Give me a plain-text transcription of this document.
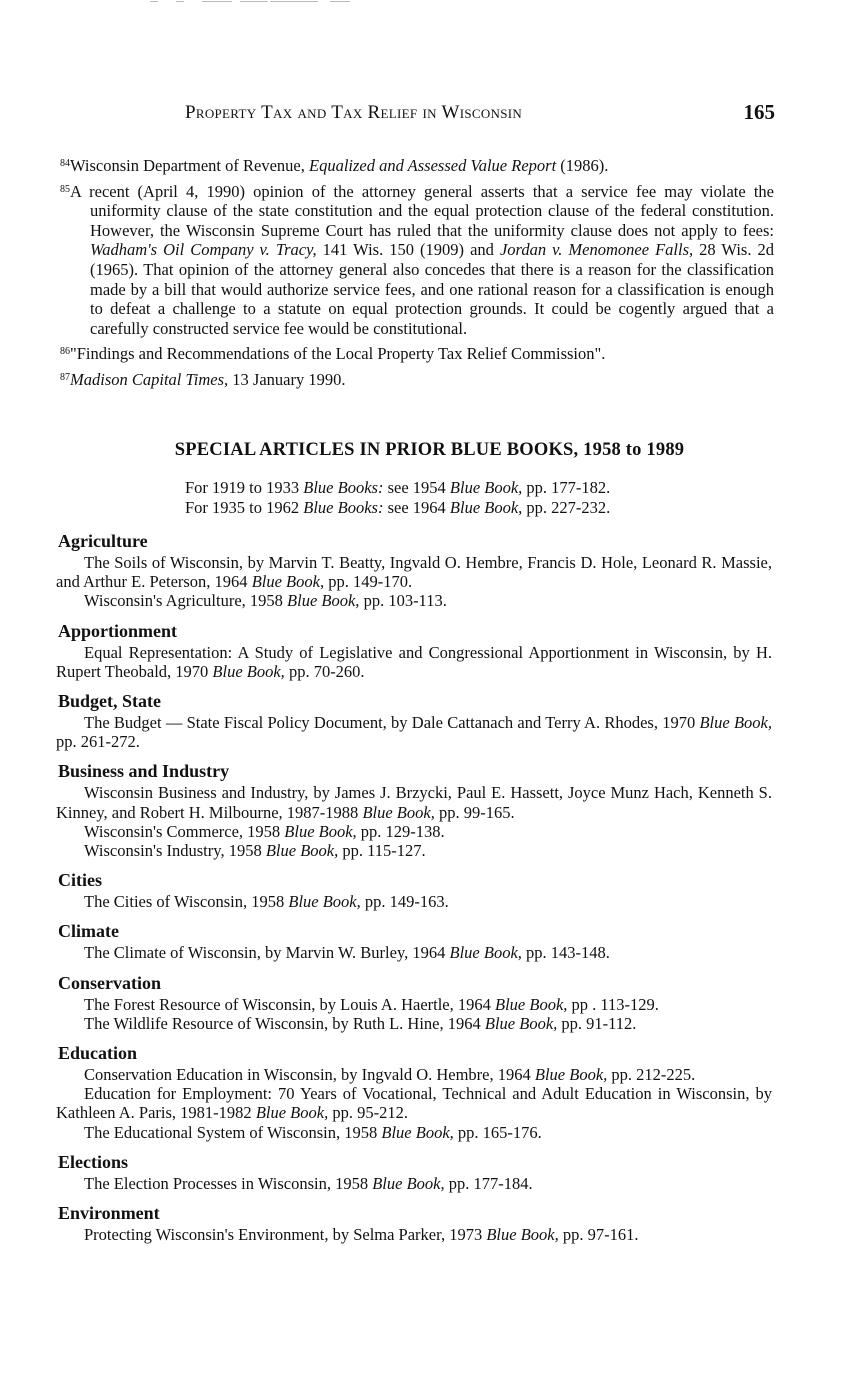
Property Tax and Tax Relief in Wisconsin	165

$^{84}$Wisconsin Department of Revenue, Equalized and Assessed Value Report (1986).

$^{85}$A recent (April 4, 1990) opinion of the attorney general asserts that a service fee may violate the uniformity clause of the state constitution and the equal protection clause of the federal constitution. However, the Wisconsin Supreme Court has ruled that the uniformity clause does not apply to fees: Wadham's Oil Company v. Tracy, 141 Wis. 150 (1909) and Jordan v. Menomonee Falls, 28 Wis. 2d (1965). That opinion of the attorney general also concedes that there is a reason for the classification made by a bill that would authorize service fees, and one rational reason for a classification is enough to defeat a challenge to a statute on equal protection grounds. It could be cogently argued that a carefully constructed service fee would be constitutional.

$^{86}$"Findings and Recommendations of the Local Property Tax Relief Commission".

$^{87}$Madison Capital Times, 13 January 1990.

SPECIAL ARTICLES IN PRIOR BLUE BOOKS, 1958 to 1989
For 1919 to 1933 Blue Books: see 1954 Blue Book, pp. 177-182.
For 1935 to 1962 Blue Books: see 1964 Blue Book, pp. 227-232.
Agriculture
The Soils of Wisconsin, by Marvin T. Beatty, Ingvald O. Hembre, Francis D. Hole, Leonard R. Massie, and Arthur E. Peterson, 1964 Blue Book, pp. 149-170.
Wisconsin's Agriculture, 1958 Blue Book, pp. 103-113.
Apportionment
Equal Representation: A Study of Legislative and Congressional Apportionment in Wisconsin, by H. Rupert Theobald, 1970 Blue Book, pp. 70-260.
Budget, State
The Budget — State Fiscal Policy Document, by Dale Cattanach and Terry A. Rhodes, 1970 Blue Book, pp. 261-272.
Business and Industry
Wisconsin Business and Industry, by James J. Brzycki, Paul E. Hassett, Joyce Munz Hach, Kenneth S. Kinney, and Robert H. Milbourne, 1987-1988 Blue Book, pp. 99-165.
Wisconsin's Commerce, 1958 Blue Book, pp. 129-138.
Wisconsin's Industry, 1958 Blue Book, pp. 115-127.
Cities
The Cities of Wisconsin, 1958 Blue Book, pp. 149-163.
Climate
The Climate of Wisconsin, by Marvin W. Burley, 1964 Blue Book, pp. 143-148.
Conservation
The Forest Resource of Wisconsin, by Louis A. Haertle, 1964 Blue Book, pp . 113-129.
The Wildlife Resource of Wisconsin, by Ruth L. Hine, 1964 Blue Book, pp. 91-112.
Education
Conservation Education in Wisconsin, by Ingvald O. Hembre, 1964 Blue Book, pp. 212-225.
Education for Employment: 70 Years of Vocational, Technical and Adult Education in Wisconsin, by Kathleen A. Paris, 1981-1982 Blue Book, pp. 95-212.
The Educational System of Wisconsin, 1958 Blue Book, pp. 165-176.
Elections
The Election Processes in Wisconsin, 1958 Blue Book, pp. 177-184.
Environment
Protecting Wisconsin's Environment, by Selma Parker, 1973 Blue Book, pp. 97-161.
